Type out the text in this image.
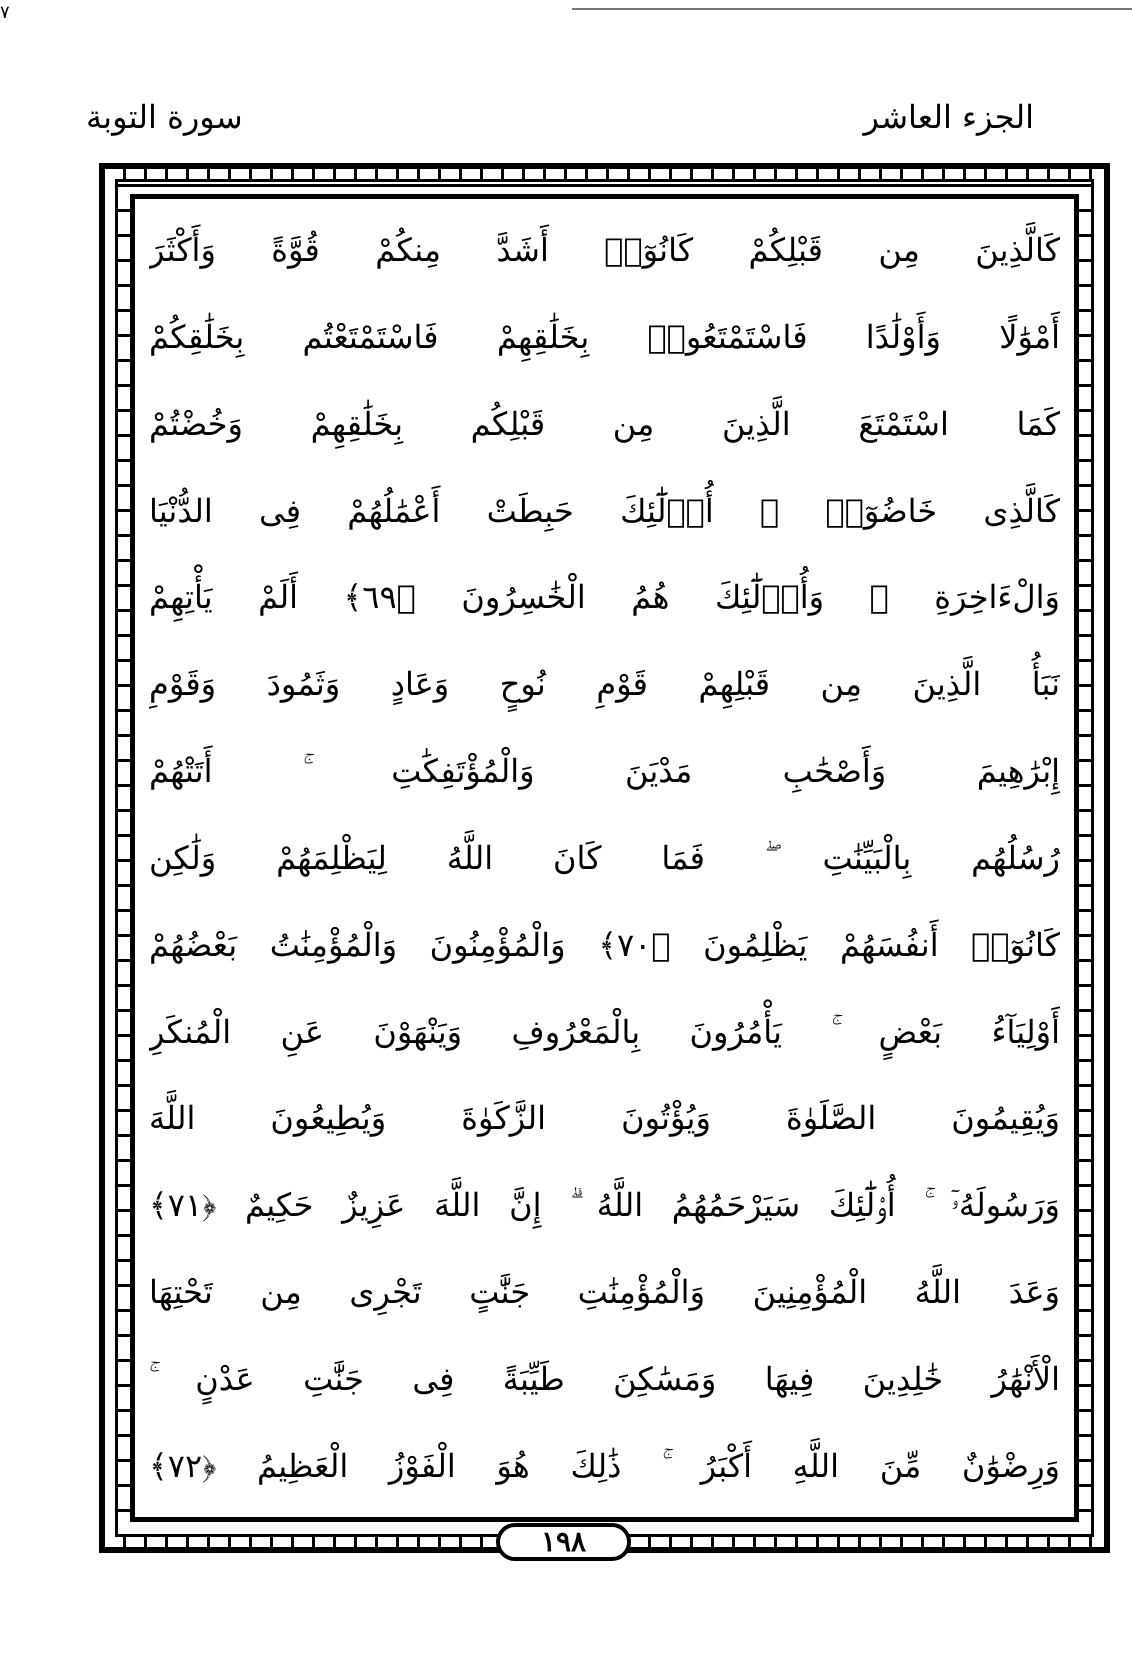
٧
الجزء العاشر
سورة التوبة
كَالَّذِينَ مِن قَبْلِكُمْ كَانُوٓا۟ أَشَدَّ مِنكُمْ قُوَّةً وَأَكْثَرَ
أَمْوَٰلًا وَأَوْلَٰدًا فَاسْتَمْتَعُوا۟ بِخَلَٰقِهِمْ فَاسْتَمْتَعْتُم بِخَلَٰقِكُمْ
كَمَا اسْتَمْتَعَ الَّذِينَ مِن قَبْلِكُم بِخَلَٰقِهِمْ وَخُضْتُمْ
كَالَّذِى خَاضُوٓا۟ ۚ أُو۟لَٰٓئِكَ حَبِطَتْ أَعْمَٰلُهُمْ فِى الدُّنْيَا
وَالْءَاخِرَةِ ۖ وَأُو۟لَٰٓئِكَ هُمُ الْخَٰسِرُونَ ﴿٦٩﴾ أَلَمْ يَأْتِهِمْ
نَبَأُ الَّذِينَ مِن قَبْلِهِمْ قَوْمِ نُوحٍ وَعَادٍ وَثَمُودَ وَقَوْمِ
إِبْرَٰهِيمَ وَأَصْحَٰبِ مَدْيَنَ وَالْمُؤْتَفِكَٰتِ ۚ أَتَتْهُمْ
رُسُلُهُم بِالْبَيِّنَٰتِ ۖ فَمَا كَانَ اللَّهُ لِيَظْلِمَهُمْ وَلَٰكِن
كَانُوٓا۟ أَنفُسَهُمْ يَظْلِمُونَ ﴿٧٠﴾ وَالْمُؤْمِنُونَ وَالْمُؤْمِنَٰتُ بَعْضُهُمْ
أَوْلِيَآءُ بَعْضٍ ۚ يَأْمُرُونَ بِالْمَعْرُوفِ وَيَنْهَوْنَ عَنِ الْمُنكَرِ
وَيُقِيمُونَ الصَّلَوٰةَ وَيُؤْتُونَ الزَّكَوٰةَ وَيُطِيعُونَ اللَّهَ
وَرَسُولَهُۥٓ ۚ أُو۟لَٰٓئِكَ سَيَرْحَمُهُمُ اللَّهُ ۗ إِنَّ اللَّهَ عَزِيزٌ حَكِيمٌ ﴿٧١﴾
وَعَدَ اللَّهُ الْمُؤْمِنِينَ وَالْمُؤْمِنَٰتِ جَنَّٰتٍ تَجْرِى مِن تَحْتِهَا
الْأَنْهَٰرُ خَٰلِدِينَ فِيهَا وَمَسَٰكِنَ طَيِّبَةً فِى جَنَّٰتِ عَدْنٍ ۚ
وَرِضْوَٰنٌ مِّنَ اللَّهِ أَكْبَرُ ۚ ذَٰلِكَ هُوَ الْفَوْزُ الْعَظِيمُ ﴿٧٢﴾
١٩٨
